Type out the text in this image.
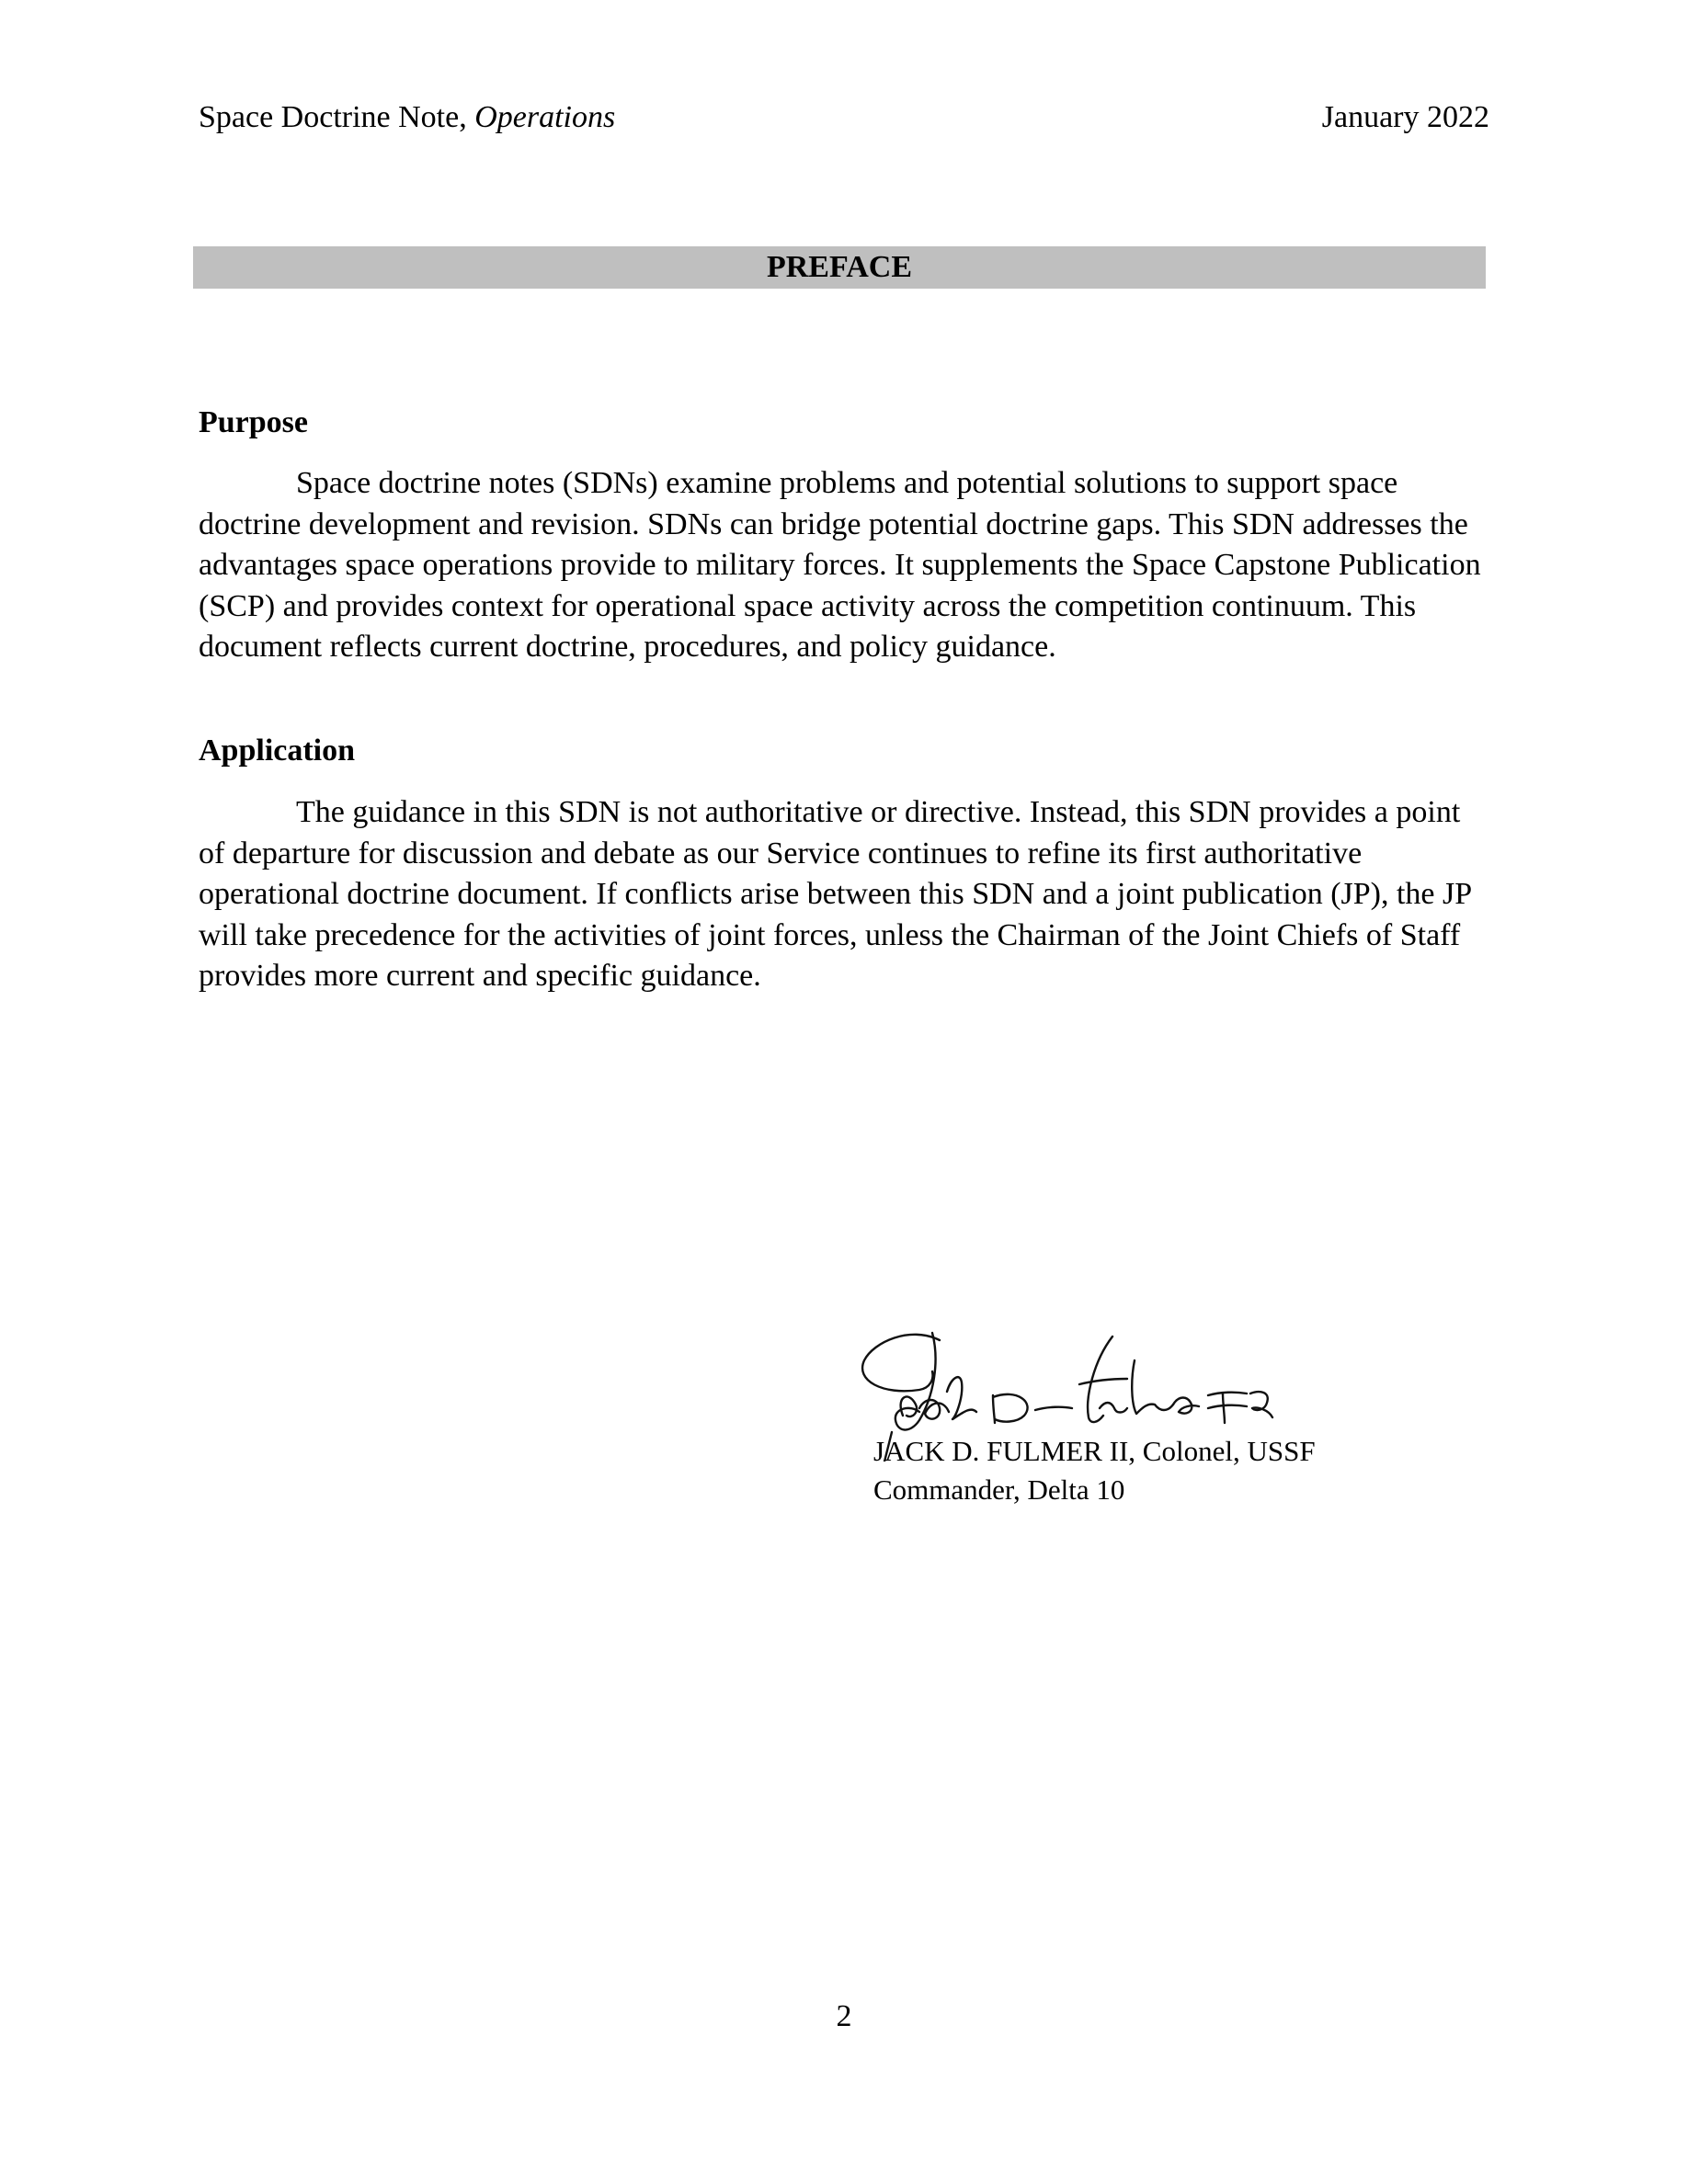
Space Doctrine Note, Operations	January 2022
PREFACE
Purpose
Space doctrine notes (SDNs) examine problems and potential solutions to support space doctrine development and revision. SDNs can bridge potential doctrine gaps. This SDN addresses the advantages space operations provide to military forces. It supplements the Space Capstone Publication (SCP) and provides context for operational space activity across the competition continuum. This document reflects current doctrine, procedures, and policy guidance.
Application
The guidance in this SDN is not authoritative or directive. Instead, this SDN provides a point of departure for discussion and debate as our Service continues to refine its first authoritative operational doctrine document. If conflicts arise between this SDN and a joint publication (JP), the JP will take precedence for the activities of joint forces, unless the Chairman of the Joint Chiefs of Staff provides more current and specific guidance.
JACK D. FULMER II, Colonel, USSF
Commander, Delta 10
2
